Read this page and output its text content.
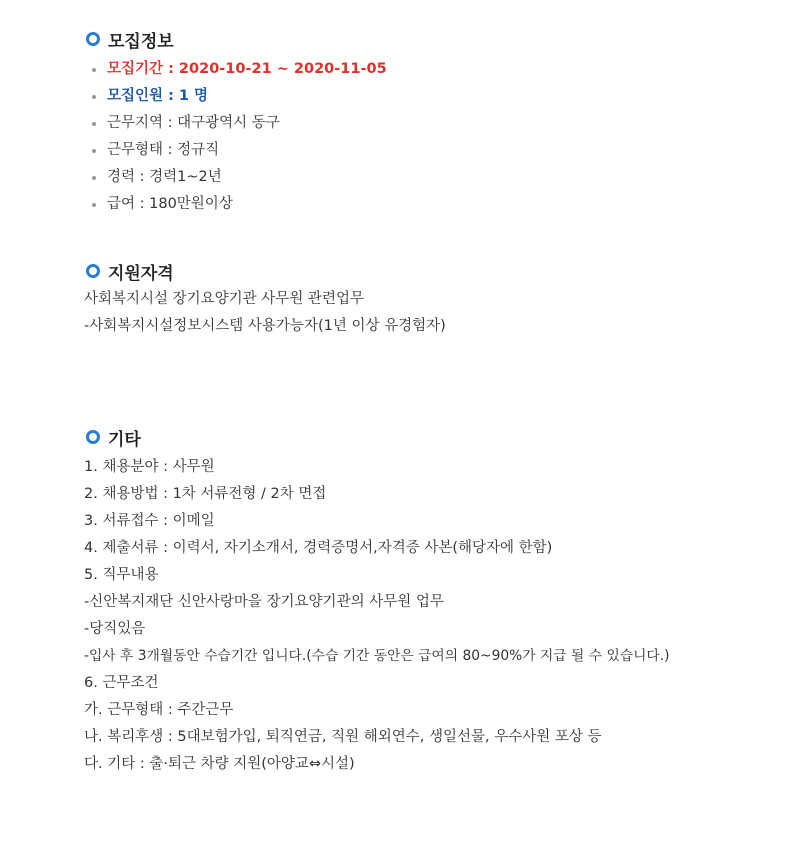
모집정보
모집기간 : 2020-10-21 ~ 2020-11-05
모집인원 : 1 명
근무지역 : 대구광역시 동구
근무형태 : 정규직
경력 : 경력1~2년
급여 : 180만원이상
지원자격
사회복지시설 장기요양기관 사무원 관련업무
-사회복지시설정보시스템 사용가능자(1년 이상 유경험자)
기타
1. 채용분야 : 사무원
2. 채용방법 : 1차 서류전형 / 2차 면접
3. 서류접수 : 이메일
4. 제출서류 : 이력서, 자기소개서, 경력증명서,자격증 사본(해당자에 한함)
5. 직무내용
-신안복지재단 신안사랑마을 장기요양기관의 사무원 업무
-당직있음
-입사 후 3개월동안 수습기간 입니다.(수습 기간 동안은 급여의 80~90%가 지급 될 수 있습니다.)
6. 근무조건
가. 근무형태 : 주간근무
나. 복리후생 : 5대보험가입, 퇴직연금, 직원 해외연수, 생일선물, 우수사원 포상 등
다. 기타 : 출·퇴근 차량 지원(아양교⇔시설)
